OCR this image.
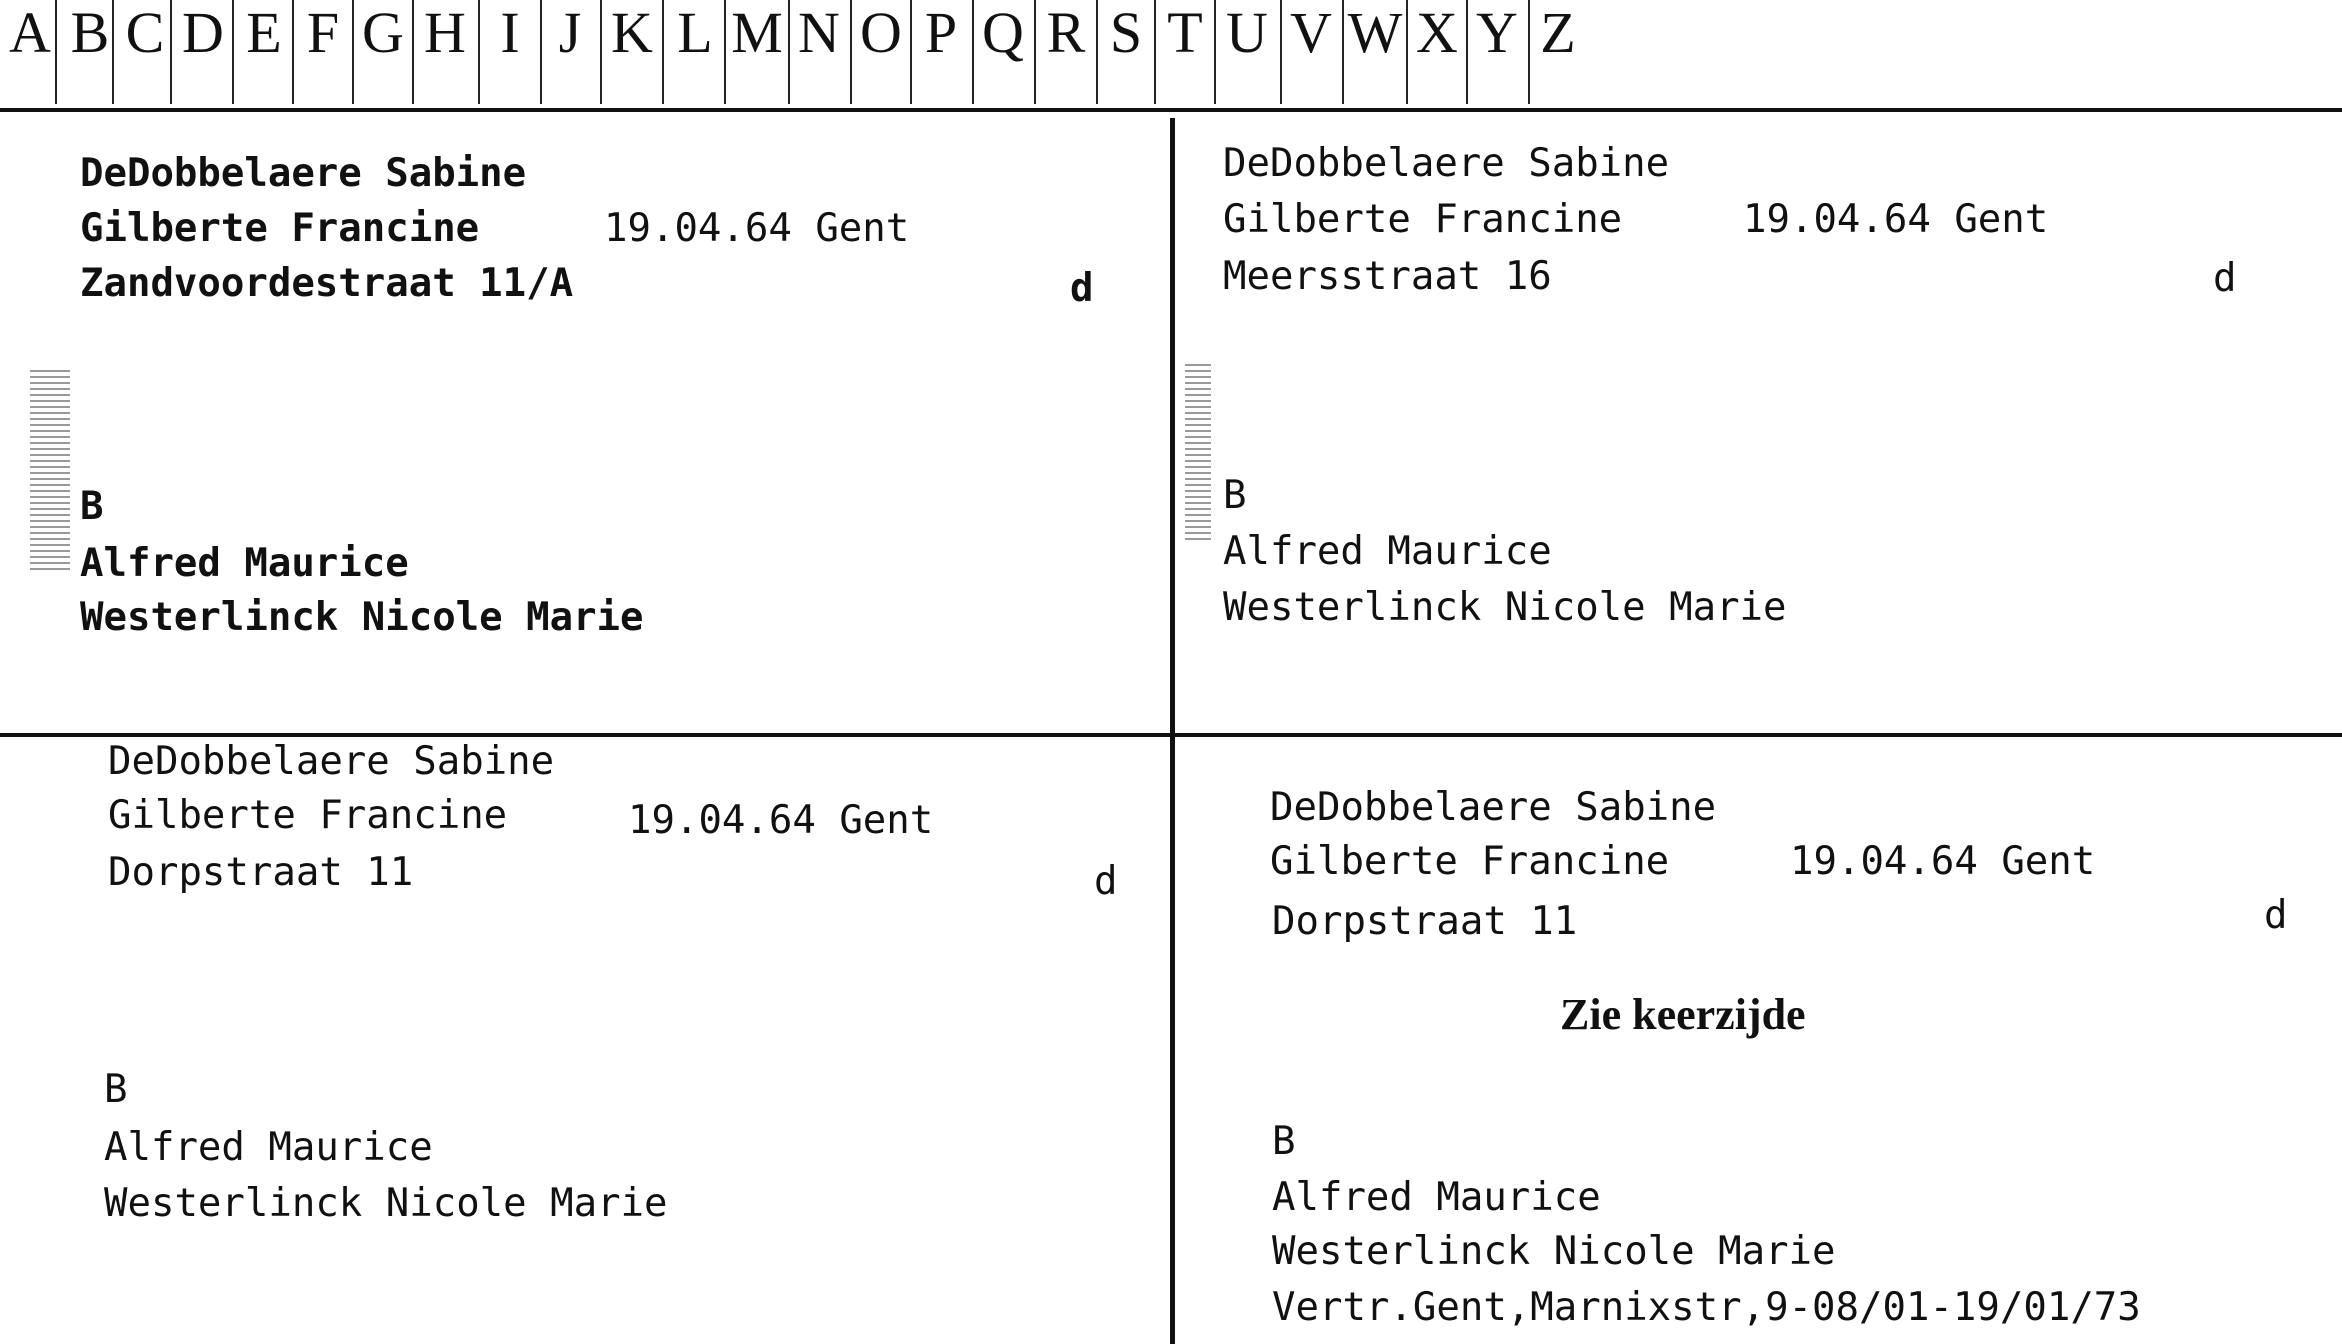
A B C D E F G H I J K L M N O P Q R S T U V W X Y Z
DeDobbelaere Sabine
Gilberte Francine	19.04.64 Gent
Zandvoordestraat 11/A	d
B
Alfred Maurice
Westerlinck Nicole Marie
DeDobbelaere Sabine
Gilberte Francine	19.04.64 Gent
Meersstraat 16	d
B
Alfred Maurice
Westerlinck Nicole Marie
DeDobbelaere Sabine
Gilberte Francine	19.04.64 Gent
Dorpstraat 11	d
B
Alfred Maurice
Westerlinck Nicole Marie
DeDobbelaere Sabine
Gilberte Francine	19.04.64 Gent
Dorpstraat 11	d
Zie keerzijde
B
Alfred Maurice
Westerlinck Nicole Marie
Vertr.Gent,Marnixstr,9-08/01-19/01/73
